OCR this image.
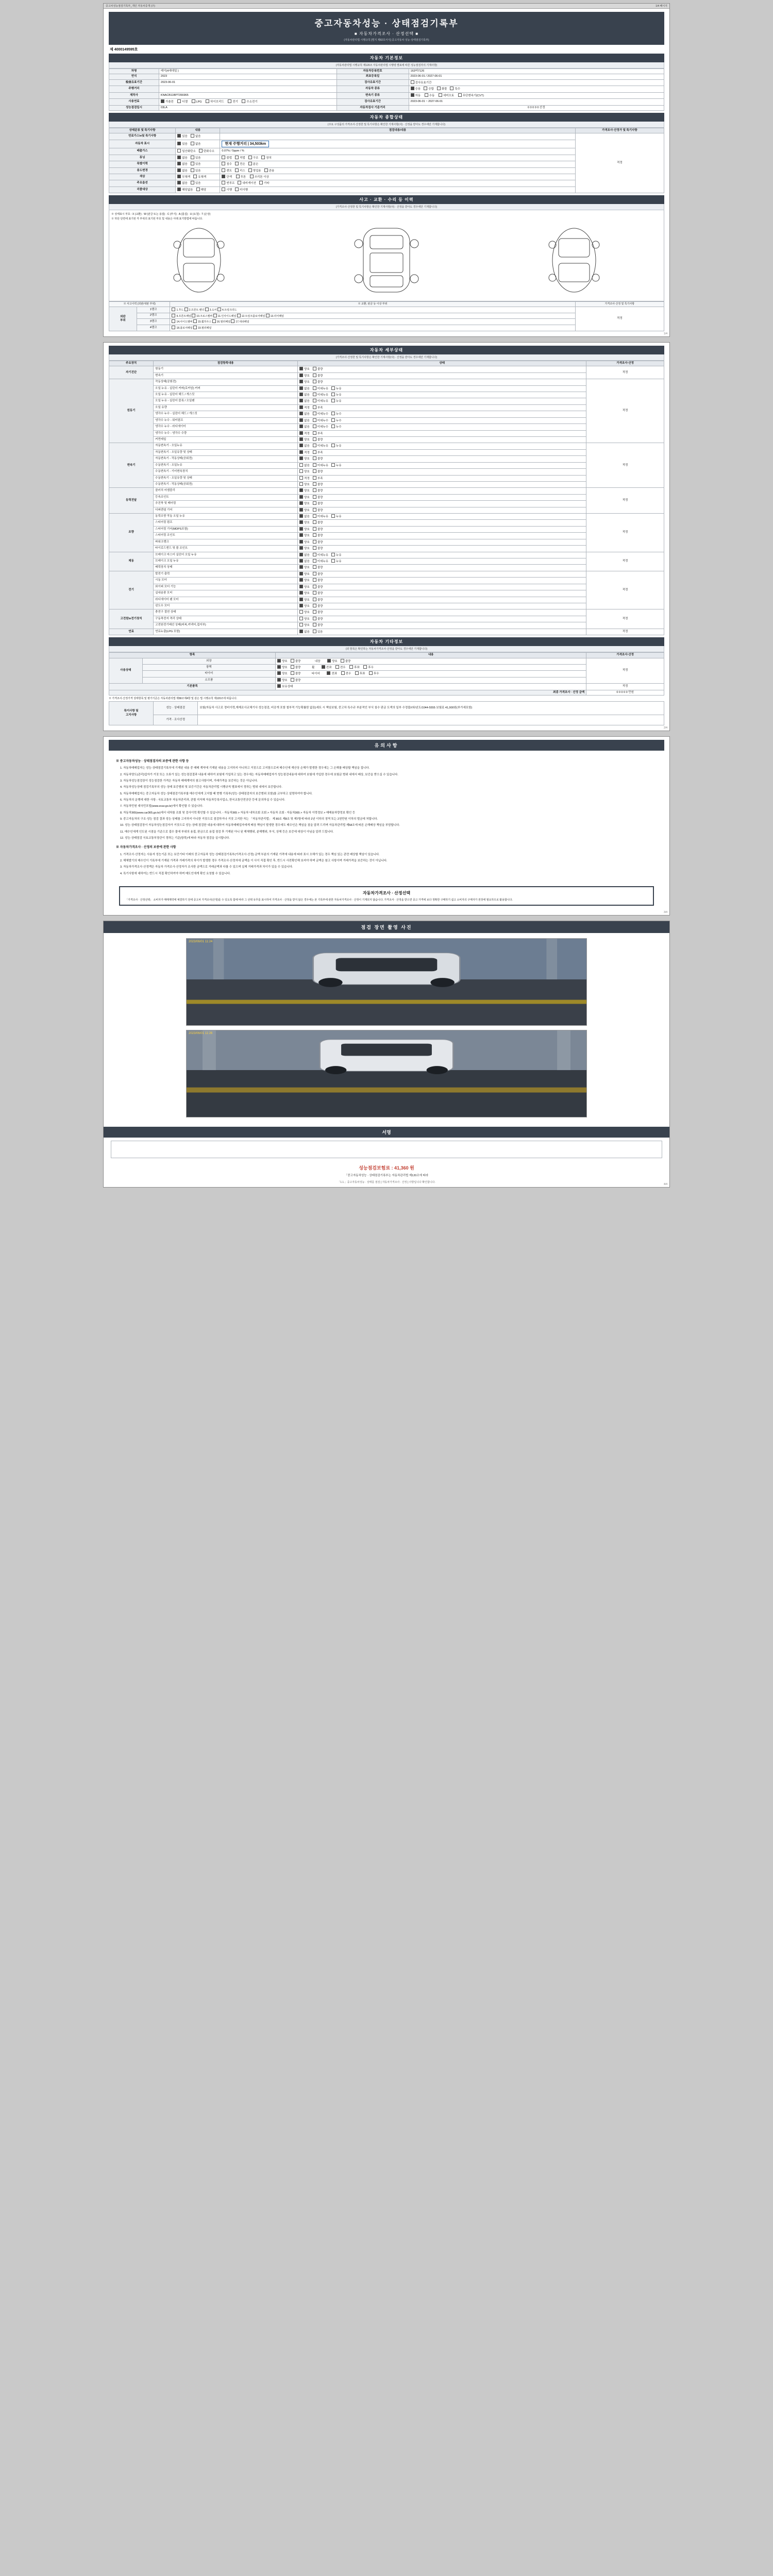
중고차성능점검기록부_개인 자동차중개 (주)	1/4 페이지
중고자동차성능 · 상태점검기록부
■ 자동차가격조사 · 산정선택 ■
(자동차관리법 시행규칙 [별지 제82호서식] 중고자동차 성능·상태점검기록부)
제 4000149595호
자동차 기본정보
(자동차관리법 시행규칙 제120조 자동차관리법 시행령 별표에 따른 성능점검자의 기재사항)
차명	레이(4세대일 )	자동차등록번호	163머7126
연식	2023	최초등록일	2023-06-01 / 2027-06-01
检查유효기간	2023-06-01	검사유효기간	검사유효기간
주행거리		자동차 종류	승용 승합 화물 특수
제작사	KNACB11BPT356965	변속기 종류	자동 수동 세미오토 무단변속기(CVT)
사용연료	가솔린 디젤 LPG 하이브리드 전기 수소전기	검사유효기간	2023-06-01 ~ 2027-06-01
성능점검일시	03LA	자동차검사 기준거리	0 0 0 0 0 산정
자동차 종합상태
(주요 구성품의 가격조사·산정한 및 특기사항은 확인한 기재사항(사) · 산정을 받아도 경우에만 기재합니다)
상태분류 및 특기사항	내용	점검내용/내용	가격조사·산정가 및 특기사항
연료가스\n및 특기사항	있음 없음		적정
자동차 표시	있음 없음	현재 주행거리 | 34,503km	
배출가스	일산화탄소 탄화수소	0.07% / 5ppm / %	
튜닝	없음 있음	불법 적법 구조 장치	
특별이력	없음 있음	침수 전손 분손	
용도변경	없음 있음	렌트 리스 영업용 관용	
색상	무채색 유채색	단색 투톤 쓰리톤 이상	
주요옵션	없음 있음	썬루프 내비게이션 기타	
리콜대상	해당없음 해당	이행 미이행	
사고 · 교환 · 수리 등 이력
(가격조사·산정한 및 특기사항은 확인한 기재사항(사) · 산정을 받아도 경우에만 기재합니다)
※ 상태표시 부호 : X (교환) · W (판금 또는 용접) · C (부식) · A (흠집) · U (요철) · T (손상)
※ 하단 단면에 표기된 각 부위의 표기된 부호 및 내용은 아래 표기방법에 따릅니다.
※ 사고이력 (외판/내판 부위)		※ 교환, 판금 등 이상 부위	가격조사·산정 및 특기사항
외판
부위	1랭크	1.후드 2.프론트 펜더 3.도어 4.트렁크리드	적정
	2랭크	9.프론트패널 10.크로스멤버 11.인사이드패널 12.트렁크플로어패널 13.리어패널	
	3랭크	14.사이드멤버 15.휠하우스 16.필러패널 17.대쉬패널	
	4랭크	18.플로어패널 19.필러패널	
1/4
자동차 세부상태
(가격조사·산정한 및 특기사항은 확인한 기재사항(사) · 산정을 받아도 경우에만 기재합니다)
주요장치	점검항목내용	상태	가격조사·산정
자기진단	원동기	양호 불량	적정
	변속기	양호 불량	
원동기	작동상태(공회전)	양호 불량	적정
	오일 누유 - 실린더 커버(로커암) 커버	없음 미세누유 누유	
	오일 누유 - 실린더 헤드 / 개스킷	없음 미세누유 누유	
	오일 누유 - 실린더 블록 / 오일팬	없음 미세누유 누유	
	오일 유량	적정 부족	
	냉각수 누수 - 실린더 헤드 / 개스킷	없음 미세누수 누수	
	냉각수 누수 - 워터펌프	없음 미세누수 누수	
	냉각수 누수 - 라디에이터	없음 미세누수 누수	
	냉각수 누수 - 냉각수 수량	적정 부족	
	커먼레일	양호 불량	
변속기	자동변속기 - 오일누유	없음 미세누유 누유	적정
	자동변속기 - 오일유량 및 상태	적정 부족	
	자동변속기 - 작동상태(공회전)	양호 불량	
	수동변속기 - 오일누유	없음 미세누유 누유	
	수동변속기 - 기어변속장치	양호 불량	
	수동변속기 - 오일유량 및 상태	적정 부족	
	수동변속기 - 작동상태(공회전)	양호 불량	
동력전달	클러치 어셈블리	양호 불량	적정
	등속조인트	양호 불량	
	추진축 및 베어링	양호 불량	
	디퍼렌셜 기어	양호 불량	
조향	동력조향 작동 오일 누유	없음 미세누유 누유	적정
	스티어링 펌프	양호 불량	
	스티어링 기어(MDPS포함)	양호 불량	
	스티어링 조인트	양호 불량	
	파워크랭크	양호 불량	
	타이로드엔드 및 볼 조인트	양호 불량	
제동	브레이크 마스터 실린더 오일 누유	없음 미세누유 누유	적정
	브레이크 오일 누유	없음 미세누유 누유	
	배력장치 상태	양호 불량	
전기	발전기 출력	양호 불량	적정
	시동 모터	양호 불량	
	와이퍼 모터 기능	양호 불량	
	실내송풍 모터	양호 불량	
	라디에이터 팬 모터	양호 불량	
	윈도우 모터	양호 불량	
고전원\n전기장치	충전구 절연 상태	양호 불량	적정
	구동축전지 격리 상태	양호 불량	
	고전원전기배선 상태(피복,커넥터,접지부)	양호 불량	
연료	연료누출(LPG 포함)	없음 있음	적정
자동차 기타정보
(외 항목은 확인하는 자동차가격조사·산정을 받아도 경우에만 기재합니다)
항목		내용	가격조사·산정
사용상태	외장	양호 불량 내장 양호 불량	적정
	광택	양호 불량 휠 전좌 전우 후좌 후우	
	타이어	양호 불량 타이어 전좌 전우 후좌 후우	
	소모품	양호 불량	
기본품목		보유상태	적정
최종 가격조사 · 산정 금액			0 0 0 0 0 만원
※ 가격조사·산정가격 상태항목 및 평가기준은 자동차관리법 제58조제4항 및 같은 법 시행규칙 제120조에 따릅니다.
특이사항 및
고지사항	성능 · 상태점검	보험(자동차 사고로 정비이력,재제조사교체기사 성능점검, 비공개 포함 철부적 기능확률한 없음)세트 시 책임보험, 중고차 특수규 부분적인 부식 침수 판금 도색의 일부 수정불//외/년도/1044-5555 보험료 41,900원(부가세포함)
	가격 · 조사산정	
2/4
유의사항
※ 중고자동차성능 · 상태점검자의 보증에 관한 사항 등

1. 자동차매매업자는 성능·상태점검기록부에 기재된 내용 중 매매 계약에 기재된 내용을 고지하지 아니하고 거짓으로 고지함으로써 매수인에 재산상 손해가 발생한 경우에는 그 손해를 배상할 책임을 집니다.

2. 자동차양도(관리)업자가 거짓 또는 오류가 있는 성능점검결과 내용에 대하여 보험에 가입하고 있는 경우에는 자동차매매업자가 성능점검내용에 대하여 보험에 가입한 경우에 보험금 범위 내에서 배상, 보증을 받으실 수 있습니다.

3. 자동차성능점검장이 성능점검한 가격은 자동차 매매계약의 참고사항이며, 거래가격을 보증하는 것은 아닙니다.

4. 자동차성능상태 점검기록부의 성능·상태 보증범위 및 보증기간은 자동차관리법 시행규칙 별표에서 정하는 범위 내에서 보증합니다.

5. 자동차매매업자는 중고자동차 성능·상태점검기록부를 매수인에게 고지할 때 현행 기록부(성능·상태점검자의 보증범위 포함)를 교부하고 설명하여야 합니다.

6. 자동차의 운행에 대한 사항 : 국토교통부 자동차관리과, 관할 지자체 자동차등록사업소, 한국교통안전공단 등에 문의하실 수 있습니다.

7. 자동차민원 대국민포털(www.ecar.go.kr)에서 확인할 수 있습니다.

8. 자동차365(www.car365.go.kr)에서 내차를 조회 및 검사이력 확인할 수 있습니다. - 자동차365 > 자동차 내차조회 조회 > 자동차 조회 - 자동차365 > 자동차 이력정보 > 매매용차량정보 확인 등

9. 중고자동차의 구조·성능 점검 결과 성능·상태를 고지하지 아니한 거짓으로 점검하거나 거짓 고지한 자는 「자동차관리법」 제 80조 제8조 및 제7항에 따라 2년 이하의 징역 또는 2천만원 이하의 벌금에 처합니다.

10. 성능·상태점검장이 자동차성능점검자가 거짓으로 성능·상태 점검한 내용에 대하여 자동차매매업자에게 배상 책임이 발생한 경우에도 매수인은 책임을 짐을 알려 드리며 자동차관리법 제58조에 따른 손해배상 책임을 부담합니다.

11. 매수인에게 인도된 시점을 기준으로 접수 물에 부위의 용접, 판금으로 용접 점검 후 기재된 아니 된 해체행위, 분해행위, 부식, 상해 등은 보증에 대상이 아님을 알려 드립니다.

12. 성능·상태점검 국토교통부장관이 정하는 기준(항목)에 따라 자동차 점검을 실시합니다.

※ 자동차가격조사 · 산정의 보증에 관한 사항

1. 가격조사·산정자는 사용자 성능기준 또는 보증기타 이래의 중고자동차 성능·상태점검기록부(가격조사·산정) 금액 부분의 기재된 가격에 내용에 따라 표시 오해가 있는 경우 책임 있는 관련 배상할 책임이 있습니다.

2. 해체발기의 매수인이 기록부에 기재된 가격과 거래가격의 차이가 발생한 경우 가격조사·산정자에 금액을 이 사이 직접 확인 후, 반드시 사전확인해 보셔야 하며 금액은 참고 사항이며 거래가격을 보증하는 것이 아닙니다.

3. 자동차가격조사·산정액은 자동차 가격조사·산정자가 조사한 금액으로 거래금액과 다를 수 있으며 실제 거래가격과 차이가 있을 수 있습니다.

4. 특기사항에 대하여는 반드시 직접 확인하여야 하며 매도인에게 확인 요청할 수 있습니다.

자동차가격조사 · 산정선택
「가격조사 · 산정선택」 소비자가 매매계약에 체결하기 전에 중고차 가격조사(산정)를 수 있도록 함에 따라 그 선택 유무를 표시하여 가격조사 · 산정을 받지 않은 경우에는 본 기록부에 관한 자동차가격조사 · 산정이 기재되지 않습니다. 가격조사 · 산정을 받으면 중고 가격에 보다 정확한 구매하기 쉽고 소비자의 구매자가 권장에 필요하므로 활용합니다.
3/4
점검 장면 촬영 사진
2023/06/01 11:24
2023/06/01 11:26
서명
성능점검보험료 : 41,360 원
「중고자동차성능 · 상태점검기록부는 자동차관리법 제120조에 따라
「1.1.」중고자동차성능 · 상태를 점검 [ 자동차가격조사 · 산정 ] 사항입니다 확인합니다.
4/4
